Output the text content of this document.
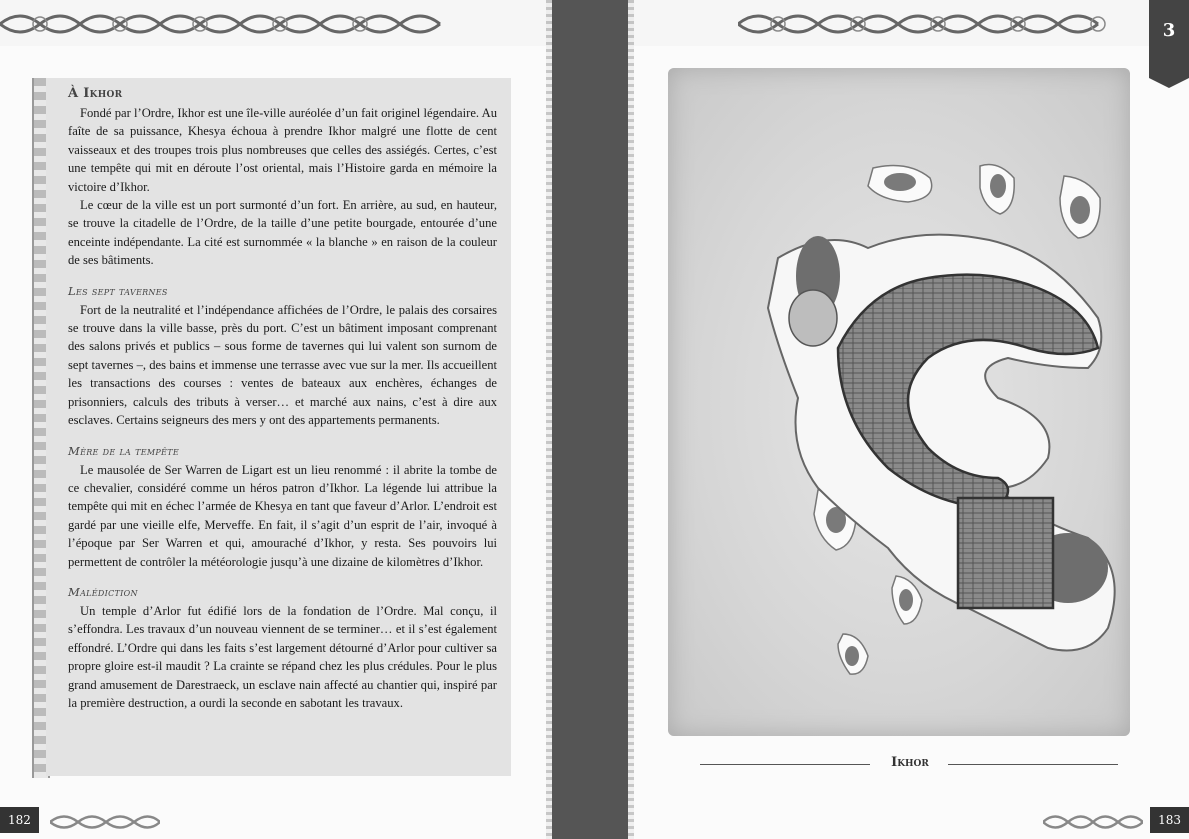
À Ikhor

Fondé par l’Ordre, Ikhor est une île-ville auréolée d’un fait originel légendaire. Au faîte de sa puissance, Khesya échoua à prendre Ikhor malgré une flotte de cent vaisseaux et des troupes trois plus nombreuses que celles des assiégés. Certes, c’est une tempête qui mit en déroute l’ost oriental, mais l’Histoire garda en mémoire la victoire d’Ikhor.

Le cœur de la ville est un port surmonté d’un fort. En arrière, au sud, en hauteur, se trouve la citadelle de l’Ordre, de la taille d’une petite bourgade, entourée d’une enceinte indépendante. La cité est surnommée « la blanche » en raison de la couleur de ses bâtiments.

Les sept tavernes

Fort de la neutralité et l’indépendance affichées de l’Ordre, le palais des corsaires se trouve dans la ville basse, près du port. C’est un bâtiment imposant comprenant des salons privés et publics – sous forme de tavernes qui lui valent son surnom de sept tavernes –, des bains et immense une terrasse avec vue sur la mer. Ils accueillent les transactions des courses : ventes de bateaux aux enchères, échanges de prisonniers, calculs des tributs à verser… et marché aux nains, c’est à dire aux esclaves. Certains seigneurs des mers y ont des appartements permanents.

Mère de la tempête

Le mausolée de Ser Warren de Ligart est un lieu renommé : il abrite la tombe de ce chevalier, considéré comme un héros patron d’Ikhor. La légende lui attribue la tempête qui mit en échec l’armée de Khesya en tant que faveur d’Arlor. L’endroit est gardé par une vieille elfe, Merveffe. En fait, il s’agit d’un esprit de l’air, invoqué à l’époque par Ser Warren et qui, amouraché d’Ikhor, y resta. Ses pouvoirs lui permettent de contrôler la météorologie jusqu’à une dizaine de kilomètres d’Ikhor.

Malédiction

Un temple d’Arlor fut édifié lors de la fondation de l’Ordre. Mal conçu, il s’effondra. Les travaux d’un nouveau viennent de se terminer… et il s’est également effondré. L’Ordre qui dans les faits s’est largement détourné d’Arlor pour cultiver sa propre gloire est-il maudit ? La crainte se répand chez les plus crédules. Pour le plus grand amusement de Darestraeck, un esclave nain affecté au chantier qui, inspiré par la première destruction, a ourdi la seconde en sabotant les travaux.

182
3
Ikhor
183
